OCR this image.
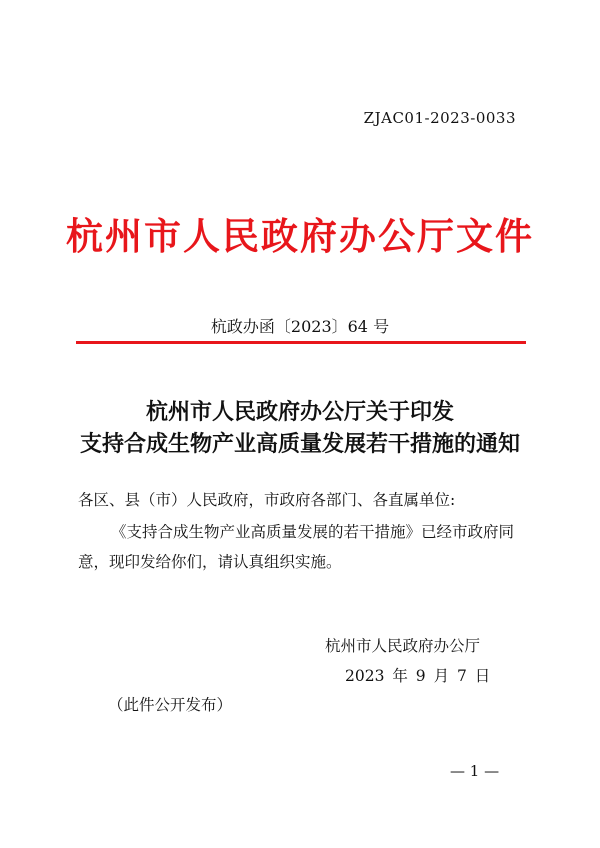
ZJAC01-2023-0033
杭州市人民政府办公厅文件
杭政办函〔2023〕64 号
杭州市人民政府办公厅关于印发
支持合成生物产业高质量发展若干措施的通知
各区、县（市）人民政府，市政府各部门、各直属单位:
《支持合成生物产业高质量发展的若干措施》已经市政府同
意，现印发给你们，请认真组织实施。
杭州市人民政府办公厅
2023 年 9 月 7 日
（此件公开发布）
— 1 —
